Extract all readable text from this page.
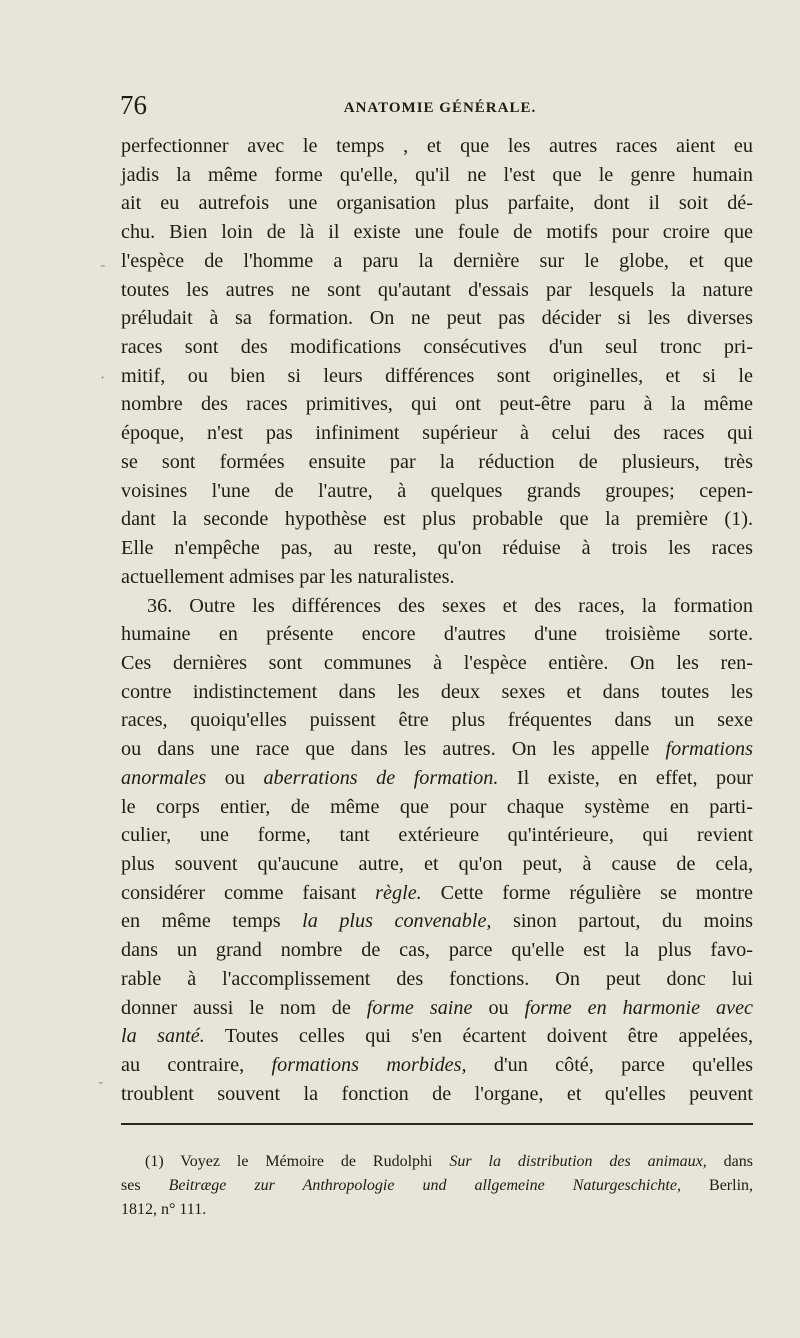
76	ANATOMIE GÉNÉRALE.
perfectionner avec le temps , et que les autres races aient eu
jadis la même forme qu'elle, qu'il ne l'est que le genre humain
ait eu autrefois une organisation plus parfaite, dont il soit dé-
chu. Bien loin de là il existe une foule de motifs pour croire que
l'espèce de l'homme a paru la dernière sur le globe, et que
toutes les autres ne sont qu'autant d'essais par lesquels la nature
préludait à sa formation. On ne peut pas décider si les diverses
races sont des modifications consécutives d'un seul tronc pri-
mitif, ou bien si leurs différences sont originelles, et si le
nombre des races primitives, qui ont peut-être paru à la même
époque, n'est pas infiniment supérieur à celui des races qui
se sont formées ensuite par la réduction de plusieurs, très
voisines l'une de l'autre, à quelques grands groupes; cepen-
dant la seconde hypothèse est plus probable que la première (1).
Elle n'empêche pas, au reste, qu'on réduise à trois les races
actuellement admises par les naturalistes.
36. Outre les différences des sexes et des races, la formation
humaine en présente encore d'autres d'une troisième sorte.
Ces dernières sont communes à l'espèce entière. On les ren-
contre indistinctement dans les deux sexes et dans toutes les
races, quoiqu'elles puissent être plus fréquentes dans un sexe
ou dans une race que dans les autres. On les appelle formations
anormales ou aberrations de formation. Il existe, en effet, pour
le corps entier, de même que pour chaque système en parti-
culier, une forme, tant extérieure qu'intérieure, qui revient
plus souvent qu'aucune autre, et qu'on peut, à cause de cela,
considérer comme faisant règle. Cette forme régulière se montre
en même temps la plus convenable, sinon partout, du moins
dans un grand nombre de cas, parce qu'elle est la plus favo-
rable à l'accomplissement des fonctions. On peut donc lui
donner aussi le nom de forme saine ou forme en harmonie avec
la santé. Toutes celles qui s'en écartent doivent être appelées,
au contraire, formations morbides, d'un côté, parce qu'elles
troublent souvent la fonction de l'organe, et qu'elles peuvent
(1) Voyez le Mémoire de Rudolphi Sur la distribution des animaux, dans
ses Beitræge zur Anthropologie und allgemeine Naturgeschichte, Berlin,
1812, n° 111.
-
·
-
